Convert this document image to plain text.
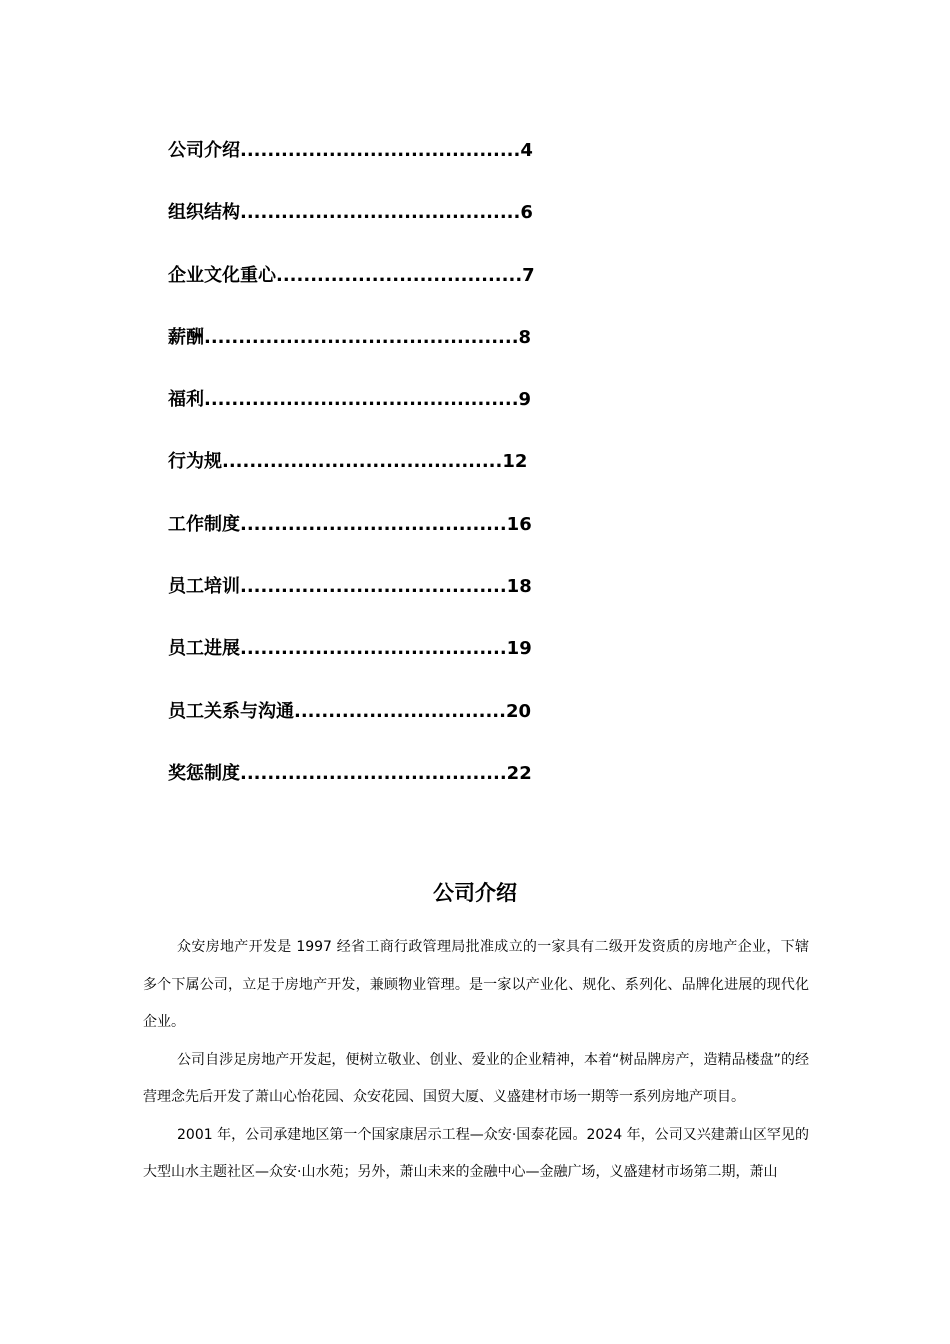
公司介绍.........................................4
组织结构.........................................6
企业文化重心....................................7
薪酬..............................................8
福利..............................................9
行为规.........................................12
工作制度.......................................16
员工培训.......................................18
员工进展.......................................19
员工关系与沟通...............................20
奖惩制度.......................................22
公司介绍

众安房地产开发是 1997 经省工商行政管理局批准成立的一家具有二级开发资质的房地产企业，下辖多个下属公司，立足于房地产开发，兼顾物业管理。是一家以产业化、规化、系列化、品牌化进展的现代化企业。

公司自涉足房地产开发起，便树立敬业、创业、爱业的企业精神，本着“树品牌房产，造精品楼盘”的经营理念先后开发了萧山心怡花园、众安花园、国贸大厦、义盛建材市场一期等一系列房地产项目。

2001 年，公司承建地区第一个国家康居示工程—众安·国泰花园。2024 年，公司又兴建萧山区罕见的大型山水主题社区—众安·山水苑；另外，萧山未来的金融中心—金融广场，义盛建材市场第二期，萧山
